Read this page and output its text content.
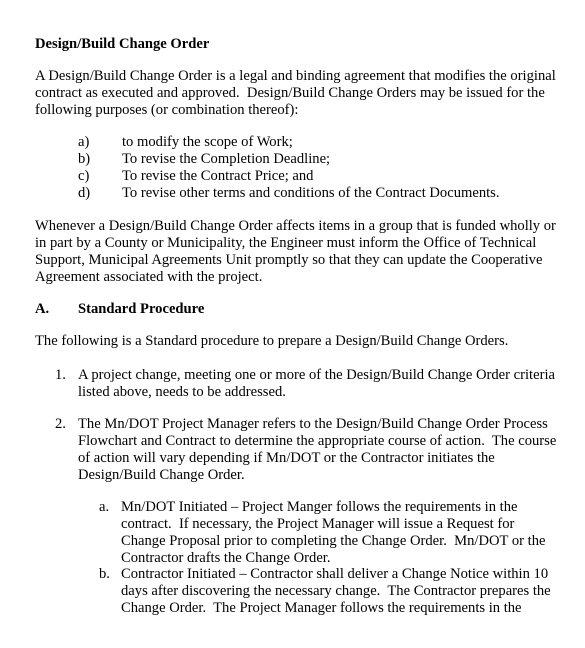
Design/Build Change Order
A Design/Build Change Order is a legal and binding agreement that modifies the original
contract as executed and approved.  Design/Build Change Orders may be issued for the
following purposes (or combination thereof):
a)	to modify the scope of Work;
b)	To revise the Completion Deadline;
c)	To revise the Contract Price; and
d)	To revise other terms and conditions of the Contract Documents.
Whenever a Design/Build Change Order affects items in a group that is funded wholly or
in part by a County or Municipality, the Engineer must inform the Office of Technical
Support, Municipal Agreements Unit promptly so that they can update the Cooperative
Agreement associated with the project.
A. Standard Procedure
The following is a Standard procedure to prepare a Design/Build Change Orders.
1. A project change, meeting one or more of the Design/Build Change Order criteria
listed above, needs to be addressed.
2. The Mn/DOT Project Manager refers to the Design/Build Change Order Process
Flowchart and Contract to determine the appropriate course of action.  The course
of action will vary depending if Mn/DOT or the Contractor initiates the
Design/Build Change Order.
a. Mn/DOT Initiated – Project Manger follows the requirements in the
contract.  If necessary, the Project Manager will issue a Request for
Change Proposal prior to completing the Change Order.  Mn/DOT or the
Contractor drafts the Change Order.
b. Contractor Initiated – Contractor shall deliver a Change Notice within 10
days after discovering the necessary change.  The Contractor prepares the
Change Order.  The Project Manager follows the requirements in the
